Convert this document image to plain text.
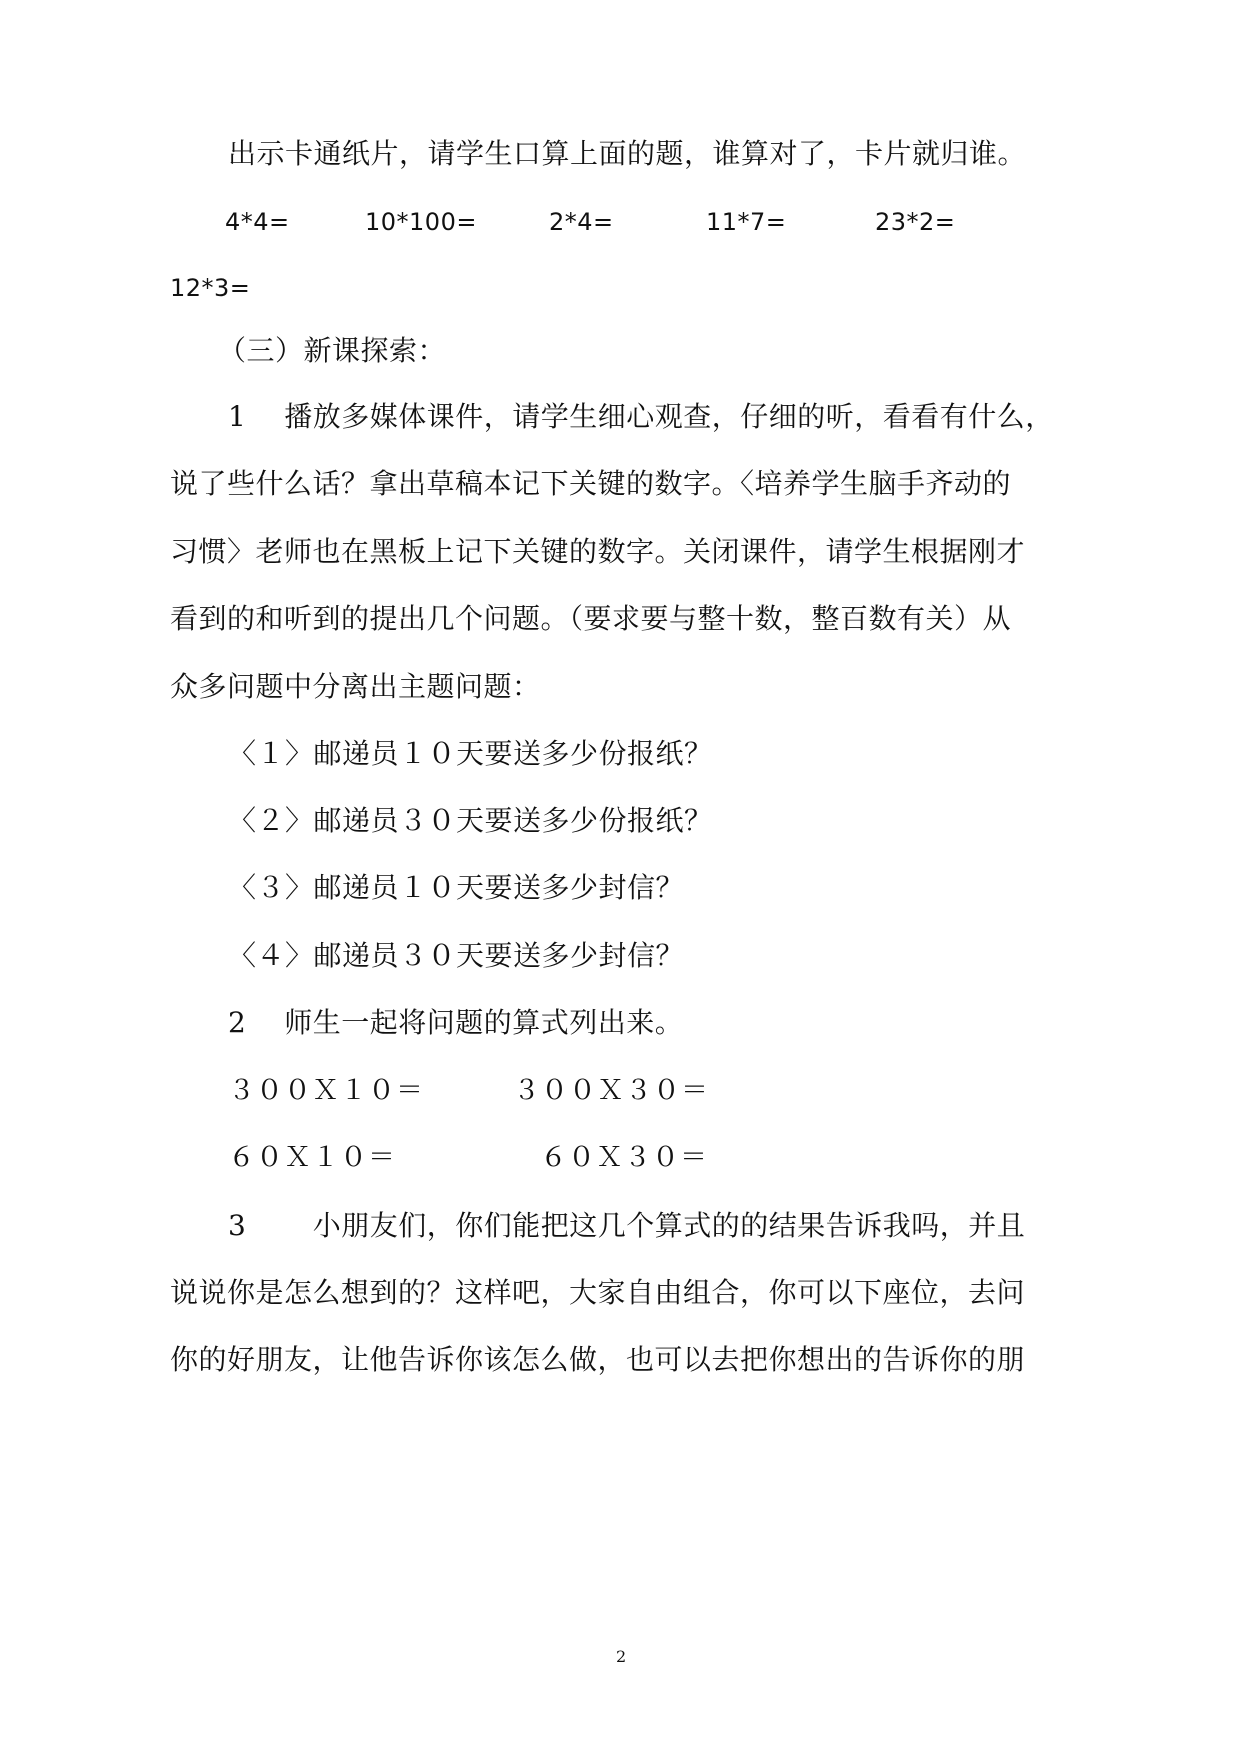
出示卡通纸片，请学生口算上面的题，谁算对了，卡片就归谁。
4*4=	10*100=	2*4=	11*7=	23*2=
12*3=
（三）新课探索：
1　 播放多媒体课件，请学生细心观查，仔细的听，看看有什么，
说了些什么话？拿出草稿本记下关键的数字。〈培养学生脑手齐动的
习惯〉老师也在黑板上记下关键的数字。关闭课件，请学生根据刚才
看到的和听到的提出几个问题。（要求要与整十数，整百数有关）从
众多问题中分离出主题问题：
〈１〉邮递员１０天要送多少份报纸？
〈２〉邮递员３０天要送多少份报纸？
〈３〉邮递员１０天要送多少封信？
〈４〉邮递员３０天要送多少封信？
2　 师生一起将问题的算式列出来。
３００Ｘ１０＝	３００Ｘ３０＝
６０Ｘ１０＝	６０Ｘ３０＝
3　　 小朋友们，你们能把这几个算式的的结果告诉我吗，并且
说说你是怎么想到的？这样吧，大家自由组合，你可以下座位，去问
你的好朋友，让他告诉你该怎么做，也可以去把你想出的告诉你的朋
2
